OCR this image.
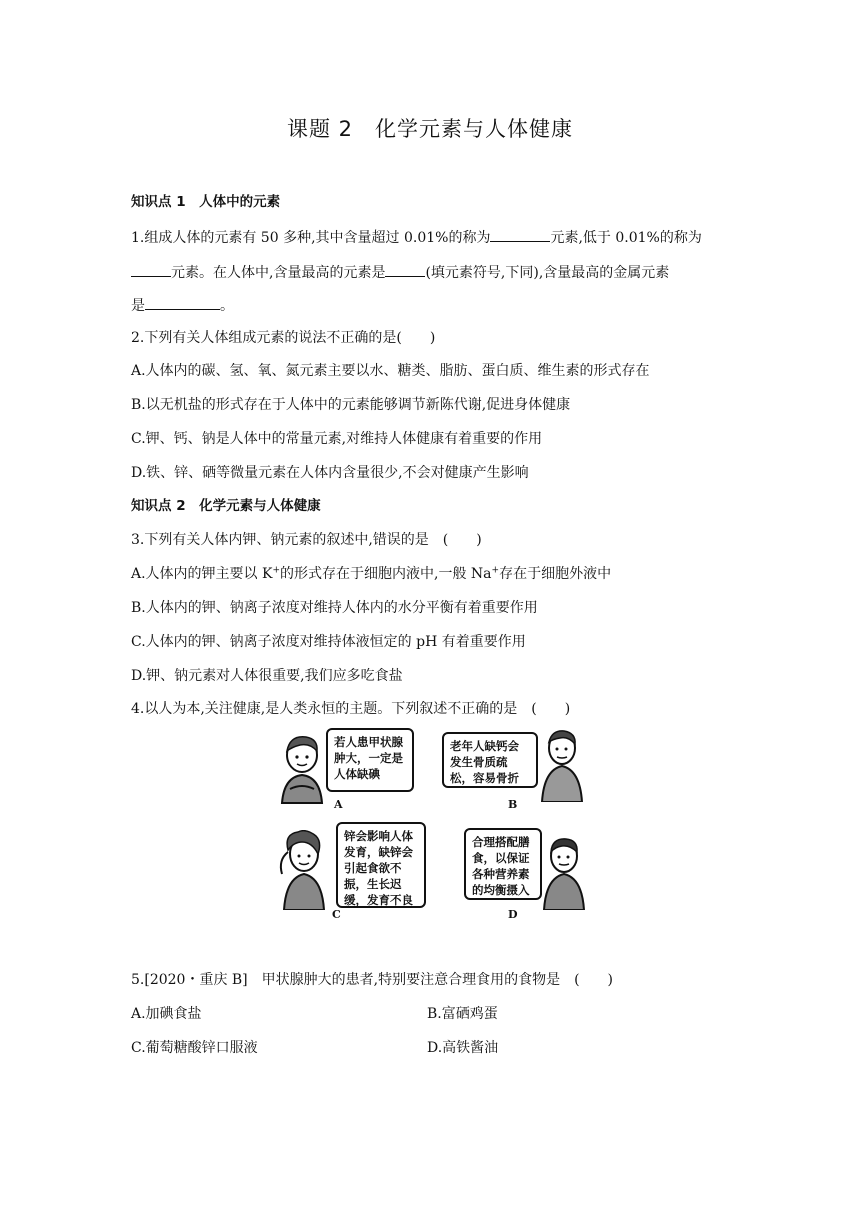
课题 2　化学元素与人体健康
知识点 1　 人体中的元素
1.组成人体的元素有 50 多种,其中含量超过 0.01%的称为	元素,低于 0.01%的称为
元素。在人体中,含量最高的元素是	(填元素符号,下同),含量最高的金属元素
是	。
2.下列有关人体组成元素的说法不正确的是(　　)
A.人体内的碳、氢、氧、氮元素主要以水、糖类、脂肪、蛋白质、维生素的形式存在
B.以无机盐的形式存在于人体中的元素能够调节新陈代谢,促进身体健康
C.钾、钙、钠是人体中的常量元素,对维持人体健康有着重要的作用
D.铁、锌、硒等微量元素在人体内含量很少,不会对健康产生影响
知识点 2　 化学元素与人体健康
3.下列有关人体内钾、钠元素的叙述中,错误的是　(　　)
A.人体内的钾主要以 K+的形式存在于细胞内液中,一般 Na+存在于细胞外液中
B.人体内的钾、钠离子浓度对维持人体内的水分平衡有着重要作用
C.人体内的钾、钠离子浓度对维持体液恒定的 pH 有着重要作用
D.钾、钠元素对人体很重要,我们应多吃食盐
4.以人为本,关注健康,是人类永恒的主题。下列叙述不正确的是　(　　)
若人患甲状腺肿大，一定是人体缺碘
A
老年人缺钙会发生骨质疏松，容易骨折
B
锌会影响人体发育，缺锌会引起食欲不振，生长迟缓，发育不良
C
合理搭配膳食，以保证各种营养素的均衡摄入
D
5.[2020・重庆 B]　甲状腺肿大的患者,特别要注意合理食用的食物是　(　　)
A.加碘食盐	B.富硒鸡蛋
C.葡萄糖酸锌口服液	D.高铁酱油
